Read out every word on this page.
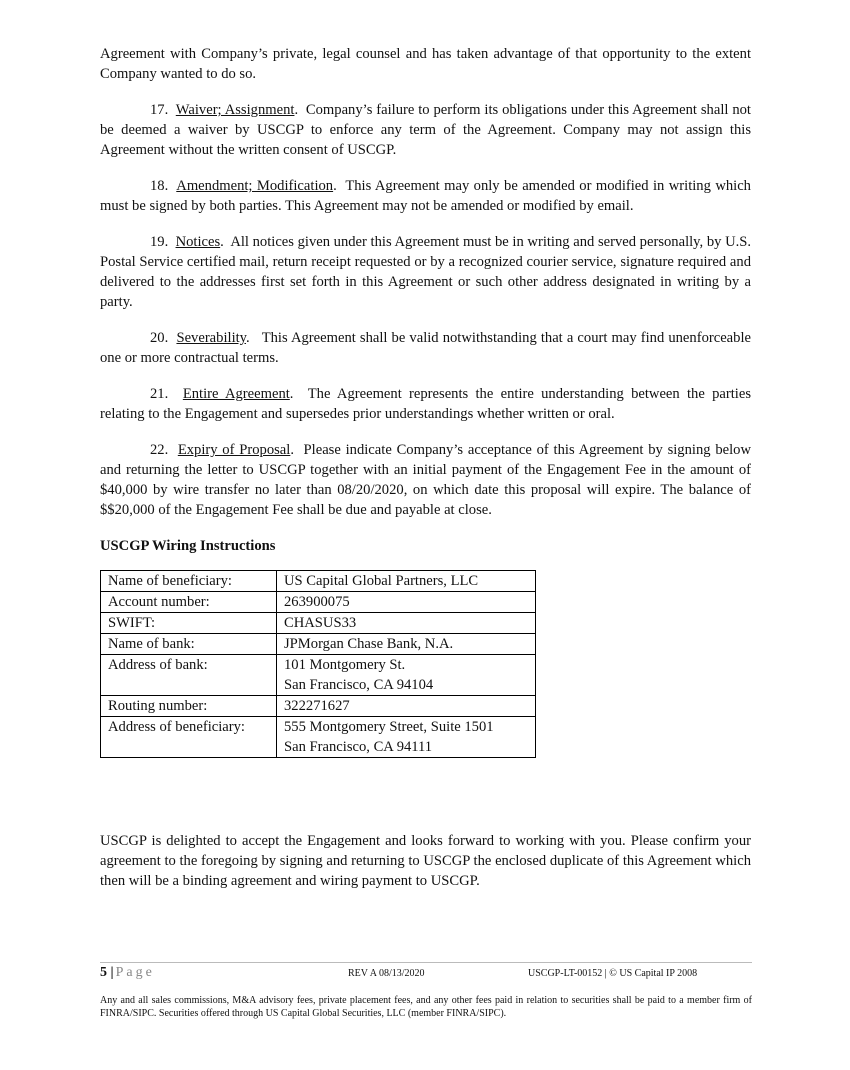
Agreement with Company’s private, legal counsel and has taken advantage of that opportunity to the extent Company wanted to do so.

17. Waiver; Assignment.  Company’s failure to perform its obligations under this Agreement shall not be deemed a waiver by USCGP to enforce any term of the Agreement. Company may not assign this Agreement without the written consent of USCGP.

18. Amendment; Modification.  This Agreement may only be amended or modified in writing which must be signed by both parties. This Agreement may not be amended or modified by email.

19. Notices.  All notices given under this Agreement must be in writing and served personally, by U.S. Postal Service certified mail, return receipt requested or by a recognized courier service, signature required and delivered to the addresses first set forth in this Agreement or such other address designated in writing by a party.

20. Severability.   This Agreement shall be valid notwithstanding that a court may find unenforceable one or more contractual terms.

21. Entire Agreement.  The Agreement represents the entire understanding between the parties relating to the Engagement and supersedes prior understandings whether written or oral.

22. Expiry of Proposal.  Please indicate Company’s acceptance of this Agreement by signing below and returning the letter to USCGP together with an initial payment of the Engagement Fee in the amount of $40,000 by wire transfer no later than 08/20/2020, on which date this proposal will expire. The balance of $$20,000 of the Engagement Fee shall be due and payable at close.

USCGP Wiring Instructions
Name of beneficiary:	US Capital Global Partners, LLC

Account number:	263900075

SWIFT:	CHASUS33

Name of bank:	JPMorgan Chase Bank, N.A.

Address of bank:	101 Montgomery St.
San Francisco, CA 94104

Routing number:	322271627

Address of beneficiary:	555 Montgomery Street, Suite 1501
San Francisco, CA 94111

USCGP is delighted to accept the Engagement and looks forward to working with you. Please confirm your agreement to the foregoing by signing and returning to USCGP the enclosed duplicate of this Agreement which then will be a binding agreement and wiring payment to USCGP.

5 | Page	REV A 08/13/2020	USCGP-LT-00152 | © US Capital IP 2008

Any and all sales commissions, M&A advisory fees, private placement fees, and any other fees paid in relation to securities shall be paid to a member firm of FINRA/SIPC. Securities offered through US Capital Global Securities, LLC (member FINRA/SIPC).
